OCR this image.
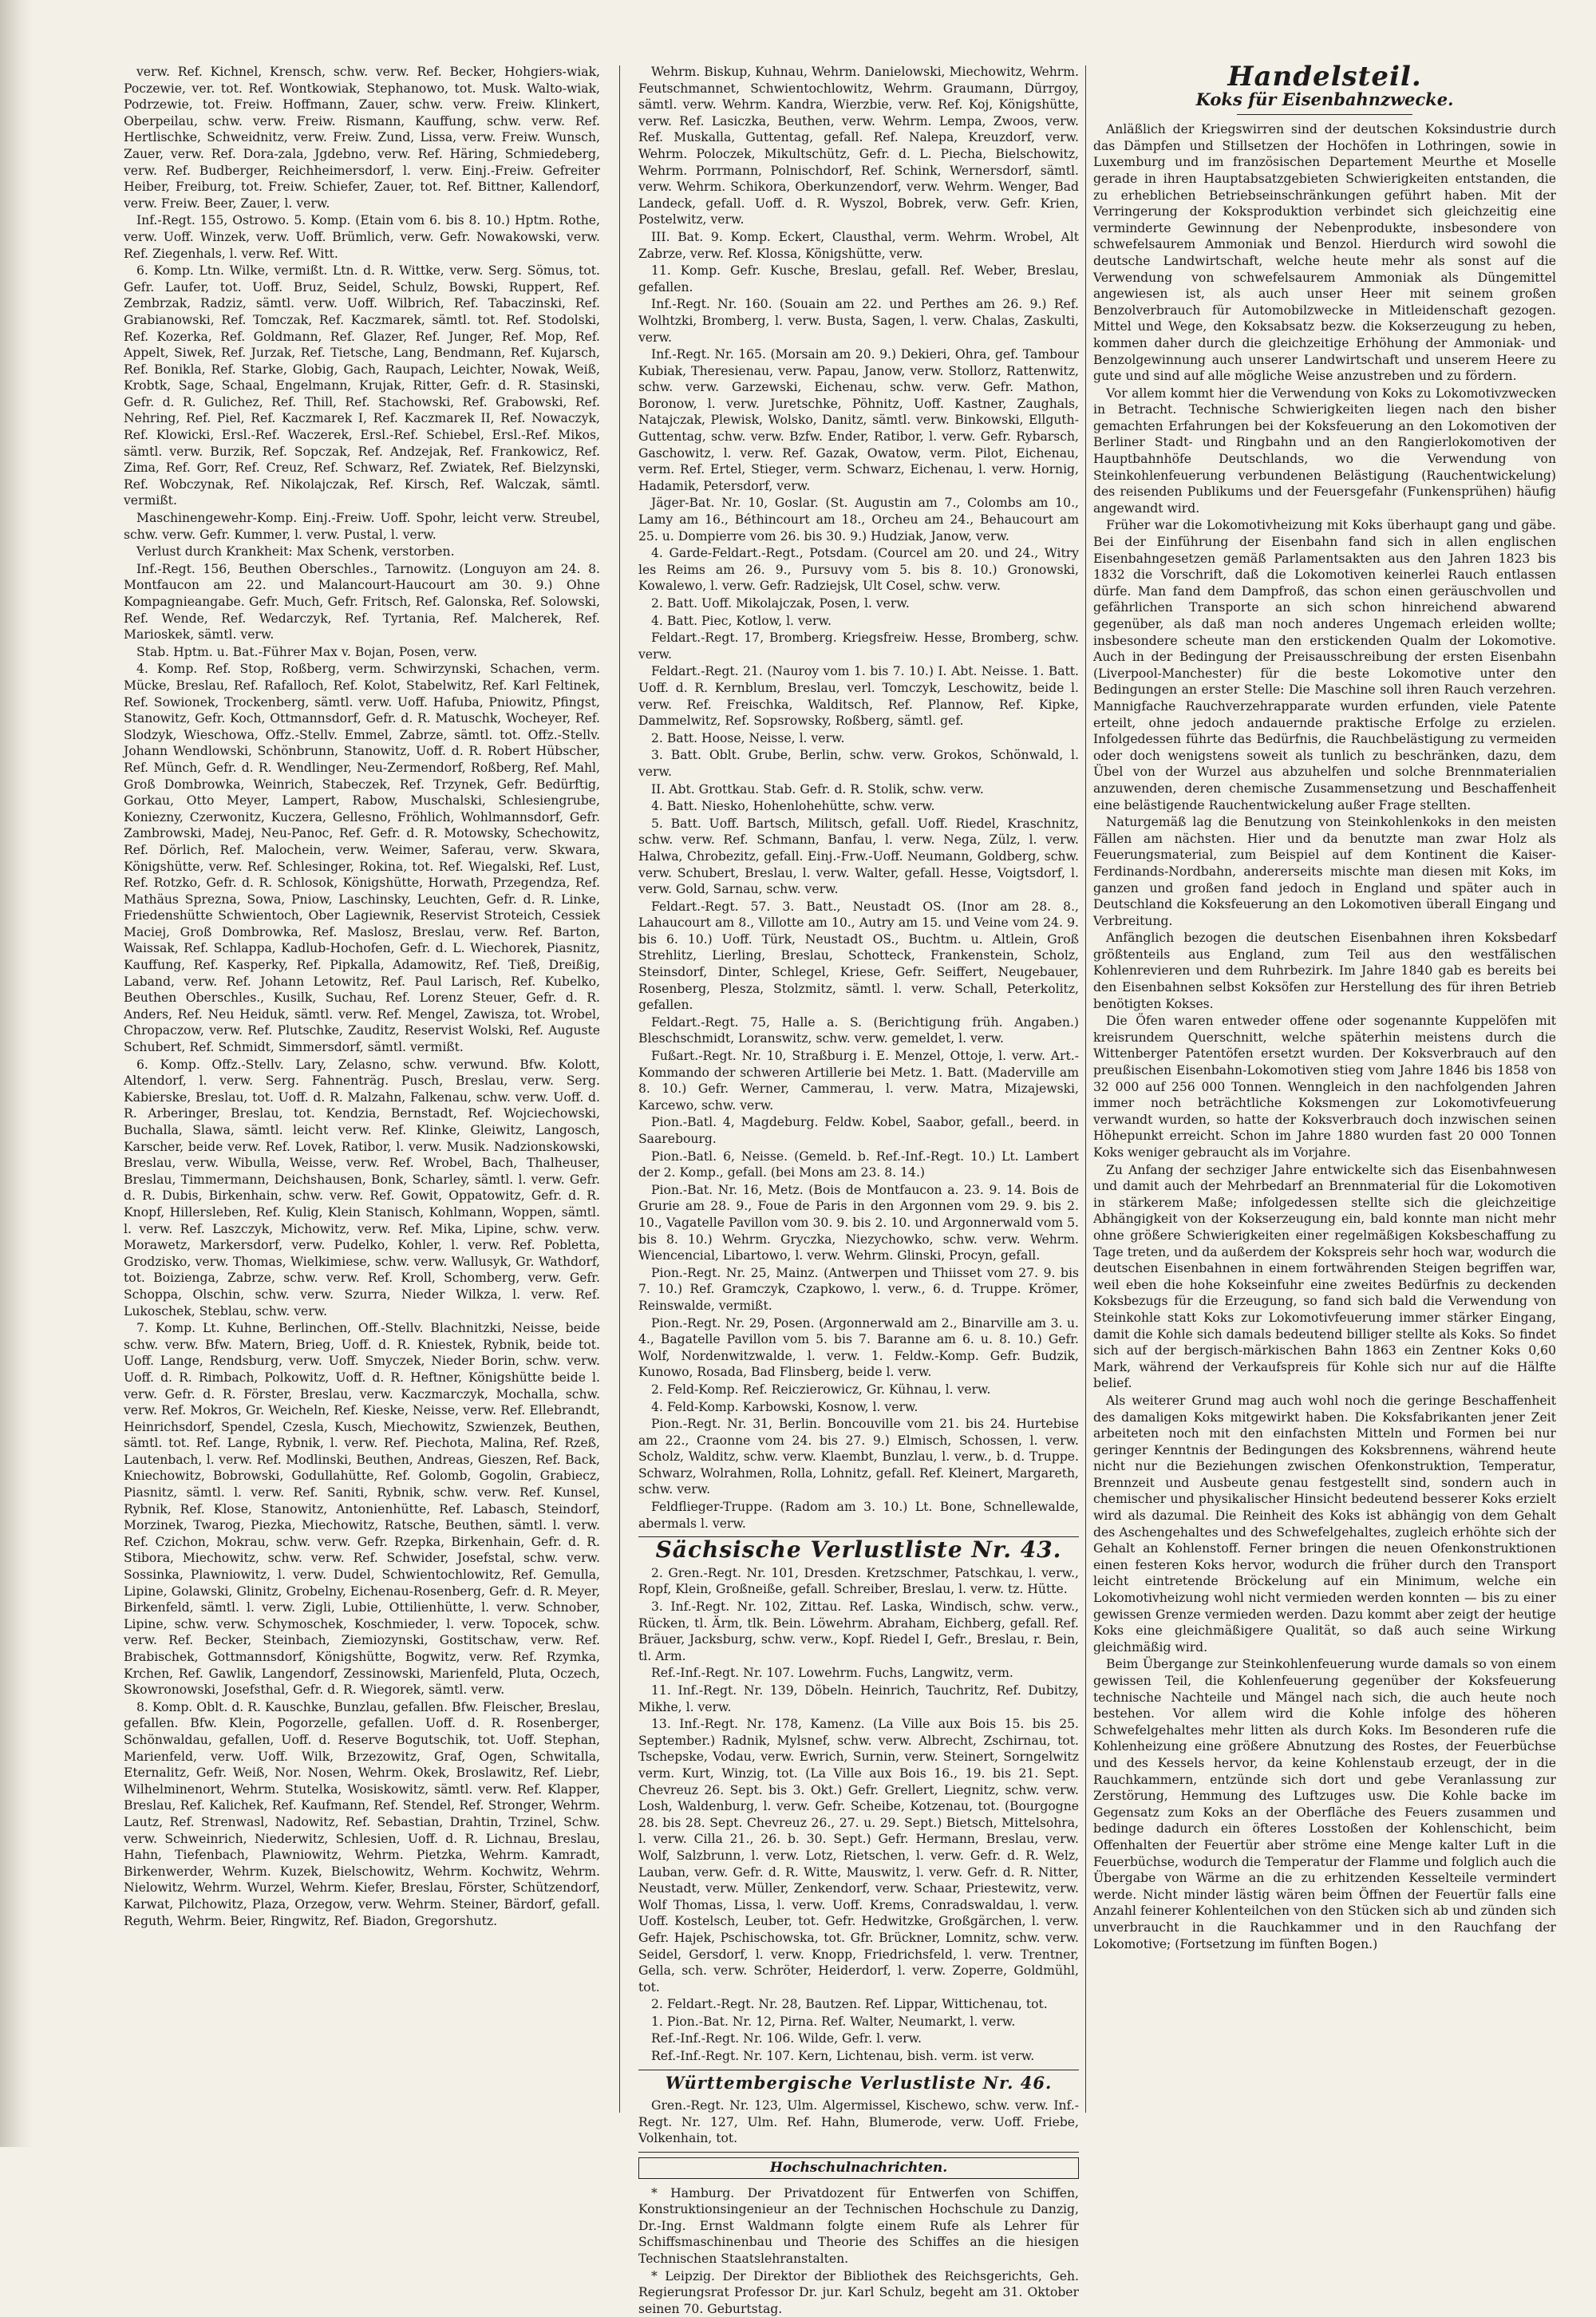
verw. Ref. Kichnel, Krensch, schw. verw. Ref. Becker, Hohgiers-wiak, Poczewie, ver. tot. Ref. Wontkowiak, Stephanowo, tot. Musk. Walto-wiak, Podrzewie, tot. Freiw. Hoffmann, Zauer, schw. verw. Freiw. Klinkert, Oberpeilau, schw. verw. Freiw. Rismann, Kauffung, schw. verw. Ref. Hertlischke, Schweidnitz, verw. Freiw. Zund, Lissa, verw. Freiw. Wunsch, Zauer, verw. Ref. Dora-zala, Jgdebno, verw. Ref. Häring, Schmiedeberg, verw. Ref. Budberger, Reichheimersdorf, l. verw. Einj.-Freiw. Gefreiter Heiber, Freiburg, tot. Freiw. Schiefer, Zauer, tot. Ref. Bittner, Kallendorf, verw. Freiw. Beer, Zauer, l. verw.

Inf.-Regt. 155, Ostrowo. 5. Komp. (Etain vom 6. bis 8. 10.) Hptm. Rothe, verw. Uoff. Winzek, verw. Uoff. Brümlich, verw. Gefr. Nowakowski, verw. Ref. Ziegenhals, l. verw. Ref. Witt.

6. Komp. Ltn. Wilke, vermißt. Ltn. d. R. Wittke, verw. Serg. Sömus, tot. Gefr. Laufer, tot. Uoff. Bruz, Seidel, Schulz, Bowski, Ruppert, Ref. Zembrzak, Radziz, sämtl. verw. Uoff. Wilbrich, Ref. Tabaczinski, Ref. Grabianowski, Ref. Tomczak, Ref. Kaczmarek, sämtl. tot. Ref. Stodolski, Ref. Kozerka, Ref. Goldmann, Ref. Glazer, Ref. Junger, Ref. Mop, Ref. Appelt, Siwek, Ref. Jurzak, Ref. Tietsche, Lang, Bendmann, Ref. Kujarsch, Ref. Bonikla, Ref. Starke, Globig, Gach, Raupach, Leichter, Nowak, Weiß, Krobtk, Sage, Schaal, Engelmann, Krujak, Ritter, Gefr. d. R. Stasinski, Gefr. d. R. Gulichez, Ref. Thill, Ref. Stachowski, Ref. Grabowski, Ref. Nehring, Ref. Piel, Ref. Kaczmarek I, Ref. Kaczmarek II, Ref. Nowaczyk, Ref. Klowicki, Ersl.-Ref. Waczerek, Ersl.-Ref. Schiebel, Ersl.-Ref. Mikos, sämtl. verw. Burzik, Ref. Sopczak, Ref. Andzejak, Ref. Frankowicz, Ref. Zima, Ref. Gorr, Ref. Creuz, Ref. Schwarz, Ref. Zwiatek, Ref. Bielzynski, Ref. Wobczynak, Ref. Nikolajczak, Ref. Kirsch, Ref. Walczak, sämtl. vermißt.

Maschinengewehr-Komp. Einj.-Freiw. Uoff. Spohr, leicht verw. Streubel, schw. verw. Gefr. Kummer, l. verw. Pustal, l. verw.

Verlust durch Krankheit: Max Schenk, verstorben.

Inf.-Regt. 156, Beuthen Oberschles., Tarnowitz. (Longuyon am 24. 8. Montfaucon am 22. und Malancourt-Haucourt am 30. 9.) Ohne Kompagnieangabe. Gefr. Much, Gefr. Fritsch, Ref. Galonska, Ref. Solowski, Ref. Wende, Ref. Wedarczyk, Ref. Tyrtania, Ref. Malcherek, Ref. Marioskek, sämtl. verw.

Stab. Hptm. u. Bat.-Führer Max v. Bojan, Posen, verw.

4. Komp. Ref. Stop, Roßberg, verm. Schwirzynski, Schachen, verm. Mücke, Breslau, Ref. Rafalloch, Ref. Kolot, Stabelwitz, Ref. Karl Feltinek, Ref. Sowionek, Trockenberg, sämtl. verw. Uoff. Hafuba, Pniowitz, Pfingst, Stanowitz, Gefr. Koch, Ottmannsdorf, Gefr. d. R. Matuschk, Wocheyer, Ref. Slodzyk, Wieschowa, Offz.-Stellv. Emmel, Zabrze, sämtl. tot. Offz.-Stellv. Johann Wendlowski, Schönbrunn, Stanowitz, Uoff. d. R. Robert Hübscher, Ref. Münch, Gefr. d. R. Wendlinger, Neu-Zermendorf, Roßberg, Ref. Mahl, Groß Dombrowka, Weinrich, Stabeczek, Ref. Trzynek, Gefr. Bedürftig, Gorkau, Otto Meyer, Lampert, Rabow, Muschalski, Schlesiengrube, Koniezny, Czerwonitz, Kuczera, Gellesno, Fröhlich, Wohlmannsdorf, Gefr. Zambrowski, Madej, Neu-Panoc, Ref. Gefr. d. R. Motowsky, Schechowitz, Ref. Dörlich, Ref. Malochein, verw. Weimer, Saferau, verw. Skwara, Königshütte, verw. Ref. Schlesinger, Rokina, tot. Ref. Wiegalski, Ref. Lust, Ref. Rotzko, Gefr. d. R. Schlosok, Königshütte, Horwath, Przegendza, Ref. Mathäus Sprezna, Sowa, Pniow, Laschinsky, Leuchten, Gefr. d. R. Linke, Friedenshütte Schwientoch, Ober Lagiewnik, Reservist Stroteich, Cessiek Maciej, Groß Dombrowka, Ref. Maslosz, Breslau, verw. Ref. Barton, Waissak, Ref. Schlappa, Kadlub-Hochofen, Gefr. d. L. Wiechorek, Piasnitz, Kauffung, Ref. Kasperky, Ref. Pipkalla, Adamowitz, Ref. Tieß, Dreißig, Laband, verw. Ref. Johann Letowitz, Ref. Paul Larisch, Ref. Kubelko, Beuthen Oberschles., Kusilk, Suchau, Ref. Lorenz Steuer, Gefr. d. R. Anders, Ref. Neu Heiduk, sämtl. verw. Ref. Mengel, Zawisza, tot. Wrobel, Chropaczow, verw. Ref. Plutschke, Zauditz, Reservist Wolski, Ref. Auguste Schubert, Ref. Schmidt, Simmersdorf, sämtl. vermißt.

6. Komp. Offz.-Stellv. Lary, Zelasno, schw. verwund. Bfw. Kolott, Altendorf, l. verw. Serg. Fahnenträg. Pusch, Breslau, verw. Serg. Kabierske, Breslau, tot. Uoff. d. R. Malzahn, Falkenau, schw. verw. Uoff. d. R. Arberinger, Breslau, tot. Kendzia, Bernstadt, Ref. Wojciechowski, Buchalla, Slawa, sämtl. leicht verw. Ref. Klinke, Gleiwitz, Langosch, Karscher, beide verw. Ref. Lovek, Ratibor, l. verw. Musik. Nadzionskowski, Breslau, verw. Wibulla, Weisse, verw. Ref. Wrobel, Bach, Thalheuser, Breslau, Timmermann, Deichshausen, Bonk, Scharley, sämtl. l. verw. Gefr. d. R. Dubis, Birkenhain, schw. verw. Ref. Gowit, Oppatowitz, Gefr. d. R. Knopf, Hillersleben, Ref. Kulig, Klein Stanisch, Kohlmann, Woppen, sämtl. l. verw. Ref. Laszczyk, Michowitz, verw. Ref. Mika, Lipine, schw. verw. Morawetz, Markersdorf, verw. Pudelko, Kohler, l. verw. Ref. Pobletta, Grodzisko, verw. Thomas, Wielkimiese, schw. verw. Wallusyk, Gr. Wathdorf, tot. Boizienga, Zabrze, schw. verw. Ref. Kroll, Schomberg, verw. Gefr. Schoppa, Olschin, schw. verw. Szurra, Nieder Wilkza, l. verw. Ref. Lukoschek, Steblau, schw. verw.

7. Komp. Lt. Kuhne, Berlinchen, Off.-Stellv. Blachnitzki, Neisse, beide schw. verw. Bfw. Matern, Brieg, Uoff. d. R. Kniestek, Rybnik, beide tot. Uoff. Lange, Rendsburg, verw. Uoff. Smyczek, Nieder Borin, schw. verw. Uoff. d. R. Rimbach, Polkowitz, Uoff. d. R. Heftner, Königshütte beide l. verw. Gefr. d. R. Förster, Breslau, verw. Kaczmarczyk, Mochalla, schw. verw. Ref. Mokros, Gr. Weicheln, Ref. Kieske, Neisse, verw. Ref. Ellebrandt, Heinrichsdorf, Spendel, Czesla, Kusch, Miechowitz, Szwienzek, Beuthen, sämtl. tot. Ref. Lange, Rybnik, l. verw. Ref. Piechota, Malina, Ref. Rzeß, Lautenbach, l. verw. Ref. Modlinski, Beuthen, Andreas, Gieszen, Ref. Back, Kniechowitz, Bobrowski, Godullahütte, Ref. Golomb, Gogolin, Grabiecz, Piasnitz, sämtl. l. verw. Ref. Saniti, Rybnik, schw. verw. Ref. Kunsel, Rybnik, Ref. Klose, Stanowitz, Antonienhütte, Ref. Labasch, Steindorf, Morzinek, Twarog, Piezka, Miechowitz, Ratsche, Beuthen, sämtl. l. verw. Ref. Czichon, Mokrau, schw. verw. Gefr. Rzepka, Birkenhain, Gefr. d. R. Stibora, Miechowitz, schw. verw. Ref. Schwider, Josefstal, schw. verw. Sossinka, Plawniowitz, l. verw. Dudel, Schwientochlowitz, Ref. Gemulla, Lipine, Golawski, Glinitz, Grobelny, Eichenau-Rosenberg, Gefr. d. R. Meyer, Birkenfeld, sämtl. l. verw. Zigli, Lubie, Ottilienhütte, l. verw. Schnober, Lipine, schw. verw. Schymoschek, Koschmieder, l. verw. Topocek, schw. verw. Ref. Becker, Steinbach, Ziemiozynski, Gostitschaw, verw. Ref. Brabischek, Gottmannsdorf, Königshütte, Bogwitz, verw. Ref. Rzymka, Krchen, Ref. Gawlik, Langendorf, Zessinowski, Marienfeld, Pluta, Oczech, Skowronowski, Josefsthal, Gefr. d. R. Wiegorek, sämtl. verw.

8. Komp. Oblt. d. R. Kauschke, Bunzlau, gefallen. Bfw. Fleischer, Breslau, gefallen. Bfw. Klein, Pogorzelle, gefallen. Uoff. d. R. Rosenberger, Schönwaldau, gefallen, Uoff. d. Reserve Bogutschik, tot. Uoff. Stephan, Marienfeld, verw. Uoff. Wilk, Brzezowitz, Graf, Ogen, Schwitalla, Eternalitz, Gefr. Weiß, Nor. Nosen, Wehrm. Okek, Broslawitz, Ref. Liebr, Wilhelminenort, Wehrm. Stutelka, Wosiskowitz, sämtl. verw. Ref. Klapper, Breslau, Ref. Kalichek, Ref. Kaufmann, Ref. Stendel, Ref. Stronger, Wehrm. Lautz, Ref. Strenwasl, Nadowitz, Ref. Sebastian, Drahtin, Trzinel, Schw. verw. Schweinrich, Niederwitz, Schlesien, Uoff. d. R. Lichnau, Breslau, Hahn, Tiefenbach, Plawniowitz, Wehrm. Pietzka, Wehrm. Kamradt, Birkenwerder, Wehrm. Kuzek, Bielschowitz, Wehrm. Kochwitz, Wehrm. Nielowitz, Wehrm. Wurzel, Wehrm. Kiefer, Breslau, Förster, Schützendorf, Karwat, Pilchowitz, Plaza, Orzegow, verw. Wehrm. Steiner, Bärdorf, gefall. Reguth, Wehrm. Beier, Ringwitz, Ref. Biadon, Gregorshutz.

Wehrm. Biskup, Kuhnau, Wehrm. Danielowski, Miechowitz, Wehrm. Feutschmannet, Schwientochlowitz, Wehrm. Graumann, Dürrgoy, sämtl. verw. Wehrm. Kandra, Wierzbie, verw. Ref. Koj, Königshütte, verw. Ref. Lasiczka, Beuthen, verw. Wehrm. Lempa, Zwoos, verw. Ref. Muskalla, Guttentag, gefall. Ref. Nalepa, Kreuzdorf, verw. Wehrm. Poloczek, Mikultschütz, Gefr. d. L. Piecha, Bielschowitz, Wehrm. Porrmann, Polnischdorf, Ref. Schink, Wernersdorf, sämtl. verw. Wehrm. Schikora, Oberkunzendorf, verw. Wehrm. Wenger, Bad Landeck, gefall. Uoff. d. R. Wyszol, Bobrek, verw. Gefr. Krien, Postelwitz, verw.

III. Bat. 9. Komp. Eckert, Clausthal, verm. Wehrm. Wrobel, Alt Zabrze, verw. Ref. Klossa, Königshütte, verw.

11. Komp. Gefr. Kusche, Breslau, gefall. Ref. Weber, Breslau, gefallen.

Inf.-Regt. Nr. 160. (Souain am 22. und Perthes am 26. 9.) Ref. Wolhtzki, Bromberg, l. verw. Busta, Sagen, l. verw. Chalas, Zaskulti, verw.

Inf.-Regt. Nr. 165. (Morsain am 20. 9.) Dekieri, Ohra, gef. Tambour Kubiak, Theresienau, verw. Papau, Janow, verw. Stollorz, Rattenwitz, schw. verw. Garzewski, Eichenau, schw. verw. Gefr. Mathon, Boronow, l. verw. Juretschke, Pöhnitz, Uoff. Kastner, Zaughals, Natajczak, Plewisk, Wolsko, Danitz, sämtl. verw. Binkowski, Ellguth-Guttentag, schw. verw. Bzfw. Ender, Ratibor, l. verw. Gefr. Rybarsch, Gaschowitz, l. verw. Ref. Gazak, Owatow, verm. Pilot, Eichenau, verm. Ref. Ertel, Stieger, verm. Schwarz, Eichenau, l. verw. Hornig, Hadamik, Petersdorf, verw.

Jäger-Bat. Nr. 10, Goslar. (St. Augustin am 7., Colombs am 10., Lamy am 16., Béthincourt am 18., Orcheu am 24., Behaucourt am 25. u. Dompierre vom 26. bis 30. 9.) Hudziak, Janow, verw.

4. Garde-Feldart.-Regt., Potsdam. (Courcel am 20. und 24., Witry les Reims am 26. 9., Pursuvy vom 5. bis 8. 10.) Gronowski, Kowalewo, l. verw. Gefr. Radziejsk, Ult Cosel, schw. verw.

2. Batt. Uoff. Mikolajczak, Posen, l. verw.

4. Batt. Piec, Kotlow, l. verw.

Feldart.-Regt. 17, Bromberg. Kriegsfreiw. Hesse, Bromberg, schw. verw.

Feldart.-Regt. 21. (Nauroy vom 1. bis 7. 10.) I. Abt. Neisse. 1. Batt. Uoff. d. R. Kernblum, Breslau, verl. Tomczyk, Leschowitz, beide l. verw. Ref. Freischka, Walditsch, Ref. Plannow, Ref. Kipke, Dammelwitz, Ref. Sopsrowsky, Roßberg, sämtl. gef.

2. Batt. Hoose, Neisse, l. verw.

3. Batt. Oblt. Grube, Berlin, schw. verw. Grokos, Schönwald, l. verw.

II. Abt. Grottkau. Stab. Gefr. d. R. Stolik, schw. verw.

4. Batt. Niesko, Hohenlohehütte, schw. verw.

5. Batt. Uoff. Bartsch, Militsch, gefall. Uoff. Riedel, Kraschnitz, schw. verw. Ref. Schmann, Banfau, l. verw. Nega, Zülz, l. verw. Halwa, Chrobezitz, gefall. Einj.-Frw.-Uoff. Neumann, Goldberg, schw. verw. Schubert, Breslau, l. verw. Walter, gefall. Hesse, Voigtsdorf, l. verw. Gold, Sarnau, schw. verw.

Feldart.-Regt. 57. 3. Batt., Neustadt OS. (Inor am 28. 8., Lahaucourt am 8., Villotte am 10., Autry am 15. und Veine vom 24. 9. bis 6. 10.) Uoff. Türk, Neustadt OS., Buchtm. u. Altlein, Groß Strehlitz, Lierling, Breslau, Schotteck, Frankenstein, Scholz, Steinsdorf, Dinter, Schlegel, Kriese, Gefr. Seiffert, Neugebauer, Rosenberg, Plesza, Stolzmitz, sämtl. l. verw. Schall, Peterkolitz, gefallen.

Feldart.-Regt. 75, Halle a. S. (Berichtigung früh. Angaben.) Bleschschmidt, Loranswitz, schw. verw. gemeldet, l. verw.

Fußart.-Regt. Nr. 10, Straßburg i. E. Menzel, Ottoje, l. verw. Art.-Kommando der schweren Artillerie bei Metz. 1. Batt. (Maderville am 8. 10.) Gefr. Werner, Cammerau, l. verw. Matra, Mizajewski, Karcewo, schw. verw.

Pion.-Batl. 4, Magdeburg. Feldw. Kobel, Saabor, gefall., beerd. in Saarebourg.

Pion.-Batl. 6, Neisse. (Gemeld. b. Ref.-Inf.-Regt. 10.) Lt. Lambert der 2. Komp., gefall. (bei Mons am 23. 8. 14.)

Pion.-Bat. Nr. 16, Metz. (Bois de Montfaucon a. 23. 9. 14. Bois de Grurie am 28. 9., Foue de Paris in den Argonnen vom 29. 9. bis 2. 10., Vagatelle Pavillon vom 30. 9. bis 2. 10. und Argonnerwald vom 5. bis 8. 10.) Wehrm. Gryczka, Niezychowko, schw. verw. Wehrm. Wiencencial, Libartowo, l. verw. Wehrm. Glinski, Procyn, gefall.

Pion.-Regt. Nr. 25, Mainz. (Antwerpen und Thiisset vom 27. 9. bis 7. 10.) Ref. Gramczyk, Czapkowo, l. verw., 6. d. Truppe. Krömer, Reinswalde, vermißt.

Pion.-Regt. Nr. 29, Posen. (Argonnerwald am 2., Binarville am 3. u. 4., Bagatelle Pavillon vom 5. bis 7. Baranne am 6. u. 8. 10.) Gefr. Wolf, Nordenwitzwalde, l. verw. 1. Feldw.-Komp. Gefr. Budzik, Kunowo, Rosada, Bad Flinsberg, beide l. verw.

2. Feld-Komp. Ref. Reiczierowicz, Gr. Kühnau, l. verw.

4. Feld-Komp. Karbowski, Kosnow, l. verw.

Pion.-Regt. Nr. 31, Berlin. Boncouville vom 21. bis 24. Hurtebise am 22., Craonne vom 24. bis 27. 9.) Elmisch, Schossen, l. verw. Scholz, Walditz, schw. verw. Klaembt, Bunzlau, l. verw., b. d. Truppe. Schwarz, Wolrahmen, Rolla, Lohnitz, gefall. Ref. Kleinert, Margareth, schw. verw.

Feldflieger-Truppe. (Radom am 3. 10.) Lt. Bone, Schnellewalde, abermals l. verw.

Sächsische Verlustliste Nr. 43.

2. Gren.-Regt. Nr. 101, Dresden. Kretzschmer, Patschkau, l. verw., Ropf, Klein, Großneiße, gefall. Schreiber, Breslau, l. verw. tz. Hütte.

3. Inf.-Regt. Nr. 102, Zittau. Ref. Laska, Windisch, schw. verw., Rücken, tl. Ärm, tlk. Bein. Löwehrm. Abraham, Eichberg, gefall. Ref. Bräuer, Jacksburg, schw. verw., Kopf. Riedel I, Gefr., Breslau, r. Bein, tl. Arm.

Ref.-Inf.-Regt. Nr. 107. Lowehrm. Fuchs, Langwitz, verm.

11. Inf.-Regt. Nr. 139, Döbeln. Heinrich, Tauchritz, Ref. Dubitzy, Mikhe, l. verw.

13. Inf.-Regt. Nr. 178, Kamenz. (La Ville aux Bois 15. bis 25. September.) Radnik, Mylsnef, schw. verw. Albrecht, Zschirnau, tot. Tschepske, Vodau, verw. Ewrich, Surnin, verw. Steinert, Sorngelwitz verm. Kurt, Winzig, tot. (La Ville aux Bois 16., 19. bis 21. Sept. Chevreuz 26. Sept. bis 3. Okt.) Gefr. Grellert, Liegnitz, schw. verw. Losh, Waldenburg, l. verw. Gefr. Scheibe, Kotzenau, tot. (Bourgogne 28. bis 28. Sept. Chevreuz 26., 27. u. 29. Sept.) Bietsch, Mittelsohra, l. verw. Cilla 21., 26. b. 30. Sept.) Gefr. Hermann, Breslau, verw. Wolf, Salzbrunn, l. verw. Lotz, Rietschen, l. verw. Gefr. d. R. Welz, Lauban, verw. Gefr. d. R. Witte, Mauswitz, l. verw. Gefr. d. R. Nitter, Neustadt, verw. Müller, Zenkendorf, verw. Schaar, Priestewitz, verw. Wolf Thomas, Lissa, l. verw. Uoff. Krems, Conradswaldau, l. verw. Uoff. Kostelsch, Leuber, tot. Gefr. Hedwitzke, Großgärchen, l. verw. Gefr. Hajek, Pschischowska, tot. Gfr. Brückner, Lomnitz, schw. verw. Seidel, Gersdorf, l. verw. Knopp, Friedrichsfeld, l. verw. Trentner, Gella, sch. verw. Schröter, Heiderdorf, l. verw. Zoperre, Goldmühl, tot.

2. Feldart.-Regt. Nr. 28, Bautzen. Ref. Lippar, Wittichenau, tot.

1. Pion.-Bat. Nr. 12, Pirna. Ref. Walter, Neumarkt, l. verw.

Ref.-Inf.-Regt. Nr. 106. Wilde, Gefr. l. verw.

Ref.-Inf.-Regt. Nr. 107. Kern, Lichtenau, bish. verm. ist verw.

Württembergische Verlustliste Nr. 46.

Gren.-Regt. Nr. 123, Ulm. Algermissel, Kischewo, schw. verw. Inf.-Regt. Nr. 127, Ulm. Ref. Hahn, Blumerode, verw. Uoff. Friebe, Volkenhain, tot.

Hochschulnachrichten.

* Hamburg. Der Privatdozent für Entwerfen von Schiffen, Konstruktionsingenieur an der Technischen Hochschule zu Danzig, Dr.-Ing. Ernst Waldmann folgte einem Rufe als Lehrer für Schiffsmaschinenbau und Theorie des Schiffes an die hiesigen Technischen Staatslehranstalten.

* Leipzig. Der Direktor der Bibliothek des Reichsgerichts, Geh. Regierungsrat Professor Dr. jur. Karl Schulz, begeht am 31. Oktober seinen 70. Geburtstag.

Handelsteil.
Koks für Eisenbahnzwecke.

Anläßlich der Kriegswirren sind der deutschen Koksindustrie durch das Dämpfen und Stillsetzen der Hochöfen in Lothringen, sowie in Luxemburg und im französischen Departement Meurthe et Moselle gerade in ihren Hauptabsatzgebieten Schwierigkeiten entstanden, die zu erheblichen Betriebseinschränkungen geführt haben. Mit der Verringerung der Koksproduktion verbindet sich gleichzeitig eine verminderte Gewinnung der Nebenprodukte, insbesondere von schwefelsaurem Ammoniak und Benzol. Hierdurch wird sowohl die deutsche Landwirtschaft, welche heute mehr als sonst auf die Verwendung von schwefelsaurem Ammoniak als Düngemittel angewiesen ist, als auch unser Heer mit seinem großen Benzolverbrauch für Automobilzwecke in Mitleidenschaft gezogen. Mittel und Wege, den Koksabsatz bezw. die Kokserzeugung zu heben, kommen daher durch die gleichzeitige Erhöhung der Ammoniak- und Benzolgewinnung auch unserer Landwirtschaft und unserem Heere zu gute und sind auf alle mögliche Weise anzustreben und zu fördern.

Vor allem kommt hier die Verwendung von Koks zu Lokomotivzwecken in Betracht. Technische Schwierigkeiten liegen nach den bisher gemachten Erfahrungen bei der Koksfeuerung an den Lokomotiven der Berliner Stadt- und Ringbahn und an den Rangierlokomotiven der Hauptbahnhöfe Deutschlands, wo die Verwendung von Steinkohlenfeuerung verbundenen Belästigung (Rauchentwickelung) des reisenden Publikums und der Feuersgefahr (Funkensprühen) häufig angewandt wird.

Früher war die Lokomotivheizung mit Koks überhaupt gang und gäbe. Bei der Einführung der Eisenbahn fand sich in allen englischen Eisenbahngesetzen gemäß Parlamentsakten aus den Jahren 1823 bis 1832 die Vorschrift, daß die Lokomotiven keinerlei Rauch entlassen dürfe. Man fand dem Dampfroß, das schon einen geräuschvollen und gefährlichen Transporte an sich schon hinreichend abwarend gegenüber, als daß man noch anderes Ungemach erleiden wollte; insbesondere scheute man den erstickenden Qualm der Lokomotive. Auch in der Bedingung der Preisausschreibung der ersten Eisenbahn (Liverpool-Manchester) für die beste Lokomotive unter den Bedingungen an erster Stelle: Die Maschine soll ihren Rauch verzehren. Mannigfache Rauchverzehrapparate wurden erfunden, viele Patente erteilt, ohne jedoch andauernde praktische Erfolge zu erzielen. Infolgedessen führte das Bedürfnis, die Rauchbelästigung zu vermeiden oder doch wenigstens soweit als tunlich zu beschränken, dazu, dem Übel von der Wurzel aus abzuhelfen und solche Brennmaterialien anzuwenden, deren chemische Zusammensetzung und Beschaffenheit eine belästigende Rauchentwickelung außer Frage stellten.

Naturgemäß lag die Benutzung von Steinkohlenkoks in den meisten Fällen am nächsten. Hier und da benutzte man zwar Holz als Feuerungsmaterial, zum Beispiel auf dem Kontinent die Kaiser-Ferdinands-Nordbahn, andererseits mischte man diesen mit Koks, im ganzen und großen fand jedoch in England und später auch in Deutschland die Koksfeuerung an den Lokomotiven überall Eingang und Verbreitung.

Anfänglich bezogen die deutschen Eisenbahnen ihren Koksbedarf größtenteils aus England, zum Teil aus den westfälischen Kohlenrevieren und dem Ruhrbezirk. Im Jahre 1840 gab es bereits bei den Eisenbahnen selbst Koksöfen zur Herstellung des für ihren Betrieb benötigten Kokses.

Die Öfen waren entweder offene oder sogenannte Kuppelöfen mit kreisrundem Querschnitt, welche späterhin meistens durch die Wittenberger Patentöfen ersetzt wurden. Der Koksverbrauch auf den preußischen Eisenbahn-Lokomotiven stieg vom Jahre 1846 bis 1858 von 32 000 auf 256 000 Tonnen. Wenngleich in den nachfolgenden Jahren immer noch beträchtliche Koksmengen zur Lokomotivfeuerung verwandt wurden, so hatte der Koksverbrauch doch inzwischen seinen Höhepunkt erreicht. Schon im Jahre 1880 wurden fast 20 000 Tonnen Koks weniger gebraucht als im Vorjahre.

Zu Anfang der sechziger Jahre entwickelte sich das Eisenbahnwesen und damit auch der Mehrbedarf an Brennmaterial für die Lokomotiven in stärkerem Maße; infolgedessen stellte sich die gleichzeitige Abhängigkeit von der Kokserzeugung ein, bald konnte man nicht mehr ohne größere Schwierigkeiten einer regelmäßigen Koksbeschaffung zu Tage treten, und da außerdem der Kokspreis sehr hoch war, wodurch die deutschen Eisenbahnen in einem fortwährenden Steigen begriffen war, weil eben die hohe Kokseinfuhr eine zweites Bedürfnis zu deckenden Koksbezugs für die Erzeugung, so fand sich bald die Verwendung von Steinkohle statt Koks zur Lokomotivfeuerung immer stärker Eingang, damit die Kohle sich damals bedeutend billiger stellte als Koks. So findet sich auf der bergisch-märkischen Bahn 1863 ein Zentner Koks 0,60 Mark, während der Verkaufspreis für Kohle sich nur auf die Hälfte belief.

Als weiterer Grund mag auch wohl noch die geringe Beschaffenheit des damaligen Koks mitgewirkt haben. Die Koksfabrikanten jener Zeit arbeiteten noch mit den einfachsten Mitteln und Formen bei nur geringer Kenntnis der Bedingungen des Koksbrennens, während heute nicht nur die Beziehungen zwischen Ofenkonstruktion, Temperatur, Brennzeit und Ausbeute genau festgestellt sind, sondern auch in chemischer und physikalischer Hinsicht bedeutend besserer Koks erzielt wird als dazumal. Die Reinheit des Koks ist abhängig von dem Gehalt des Aschengehaltes und des Schwefelgehaltes, zugleich erhöhte sich der Gehalt an Kohlenstoff. Ferner bringen die neuen Ofenkonstruktionen einen festeren Koks hervor, wodurch die früher durch den Transport leicht eintretende Bröckelung auf ein Minimum, welche ein Lokomotivheizung wohl nicht vermieden werden konnten — bis zu einer gewissen Grenze vermieden werden. Dazu kommt aber zeigt der heutige Koks eine gleichmäßigere Qualität, so daß auch seine Wirkung gleichmäßig wird.

Beim Übergange zur Steinkohlenfeuerung wurde damals so von einem gewissen Teil, die Kohlenfeuerung gegenüber der Koksfeuerung technische Nachteile und Mängel nach sich, die auch heute noch bestehen. Vor allem wird die Kohle infolge des höheren Schwefelgehaltes mehr litten als durch Koks. Im Besonderen rufe die Kohlenheizung eine größere Abnutzung des Rostes, der Feuerbüchse und des Kessels hervor, da keine Kohlenstaub erzeugt, der in die Rauchkammern, entzünde sich dort und gebe Veranlassung zur Zerstörung, Hemmung des Luftzuges usw. Die Kohle backe im Gegensatz zum Koks an der Oberfläche des Feuers zusammen und bedinge dadurch ein öfteres Losstoßen der Kohlenschicht, beim Offenhalten der Feuertür aber ströme eine Menge kalter Luft in die Feuerbüchse, wodurch die Temperatur der Flamme und folglich auch die Übergabe von Wärme an die zu erhitzenden Kesselteile vermindert werde. Nicht minder lästig wären beim Öffnen der Feuertür falls eine Anzahl feinerer Kohlenteilchen von den Stücken sich ab und zünden sich unverbraucht in die Rauchkammer und in den Rauchfang der Lokomotive; (Fortsetzung im fünften Bogen.)
